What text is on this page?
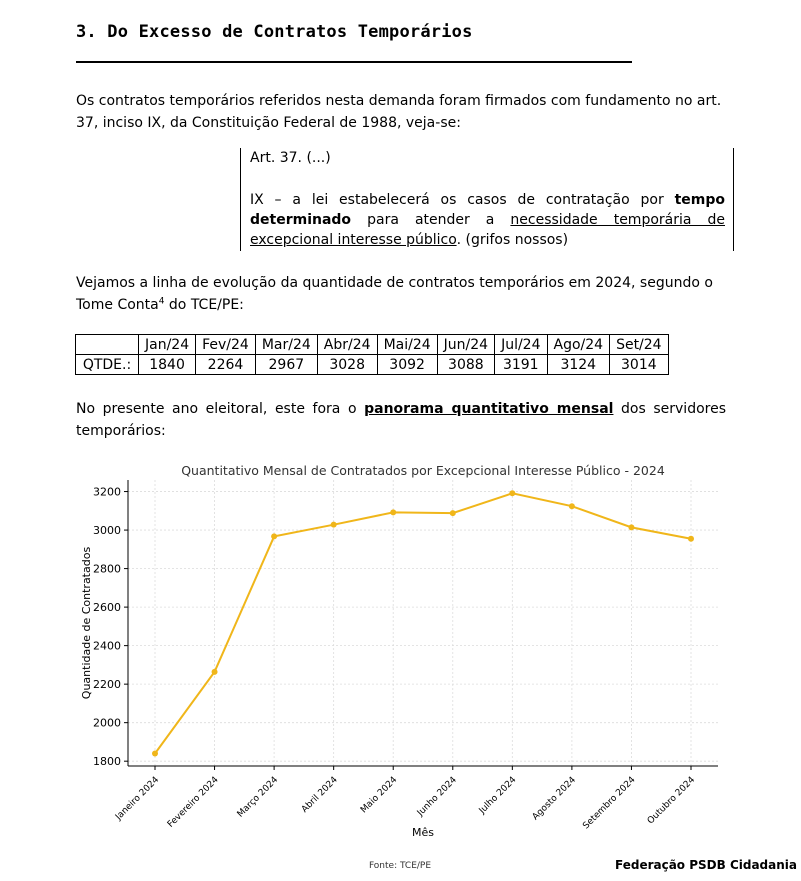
3. Do Excesso de Contratos Temporários
Os contratos temporários referidos nesta demanda foram firmados com fundamento no art. 37, inciso IX, da Constituição Federal de 1988, veja-se:
Art. 37. (...)
IX – a lei estabelecerá os casos de contratação por tempo determinado para atender a necessidade temporária de excepcional interesse público. (grifos nossos)
Vejamos a linha de evolução da quantidade de contratos temporários em 2024, segundo o Tome Conta$^4$ do TCE/PE:
	Jan/24	Fev/24	Mar/24	Abr/24	Mai/24	Jun/24	Jul/24	Ago/24	Set/24
QTDE.:	1840	2264	2967	3028	3092	3088	3191	3124	3014
No presente ano eleitoral, este fora o panorama quantitativo mensal dos servidores temporários:
Quantitativo Mensal de Contratados por Excepcional Interesse Público - 2024
1800
2000
2200
2400
2600
2800
3000
3200
Janeiro 2024 Fevereiro 2024 Março 2024 Abril 2024 Maio 2024 Junho 2024 Julho 2024 Agosto 2024 Setembro 2024 Outubro 2024
Mês
Quantidade de Contratados
Fonte: TCE/PE	Federação PSDB Cidadania
